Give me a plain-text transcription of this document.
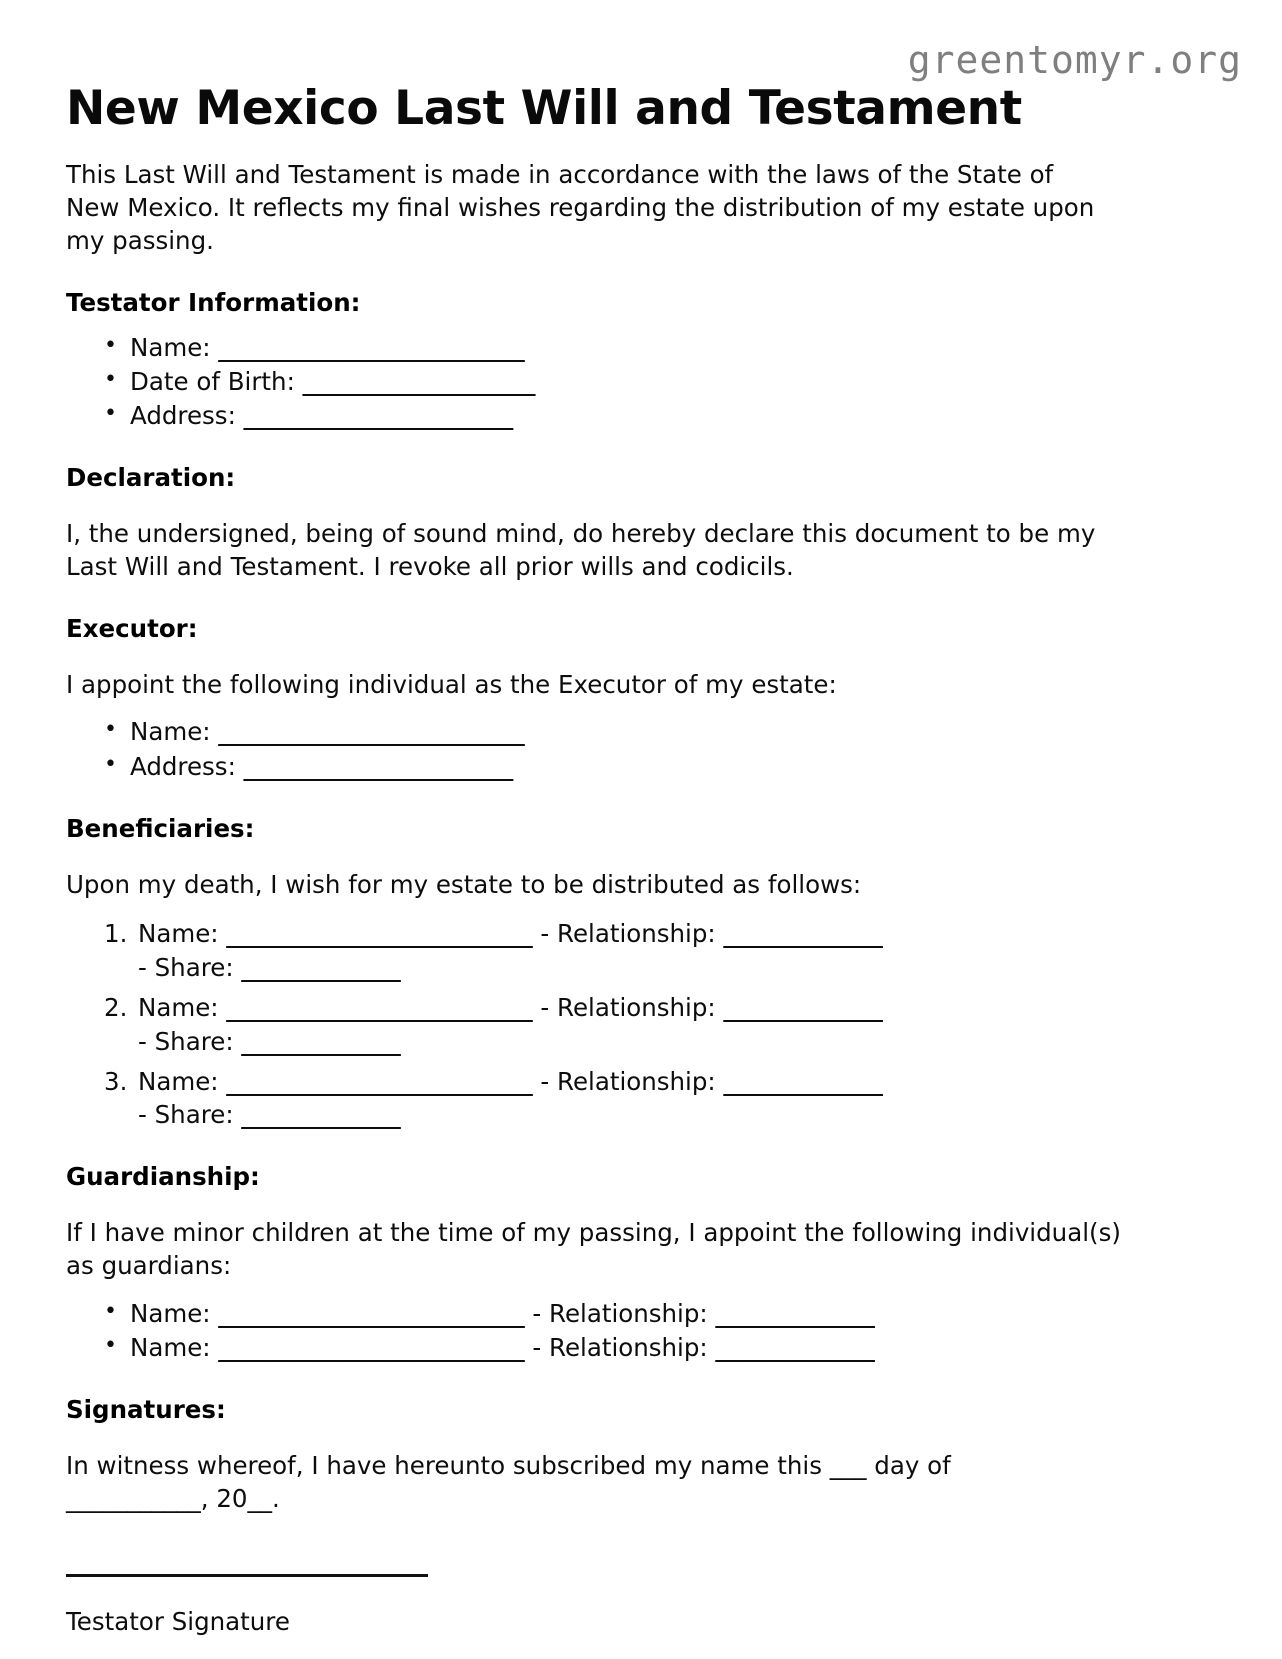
greentomyr.org
New Mexico Last Will and Testament

This Last Will and Testament is made in accordance with the laws of the State of New Mexico. It reflects my final wishes regarding the distribution of my estate upon my passing.

Testator Information:
• Name: _________________________
• Date of Birth: ___________________
• Address: ______________________
Declaration:

I, the undersigned, being of sound mind, do hereby declare this document to be my Last Will and Testament. I revoke all prior wills and codicils.

Executor:

I appoint the following individual as the Executor of my estate:

• Name: _________________________
• Address: ______________________
Beneficiaries:

Upon my death, I wish for my estate to be distributed as follows:

Name: _________________________ - Relationship: _____________ - Share: _____________
Name: _________________________ - Relationship: _____________ - Share: _____________
Name: _________________________ - Relationship: _____________ - Share: _____________
Guardianship:

If I have minor children at the time of my passing, I appoint the following individual(s) as guardians:

• Name: _________________________ - Relationship: _____________
• Name: _________________________ - Relationship: _____________
Signatures:

In witness whereof, I have hereunto subscribed my name this ___ day of ___________, 20__.

Testator Signature
